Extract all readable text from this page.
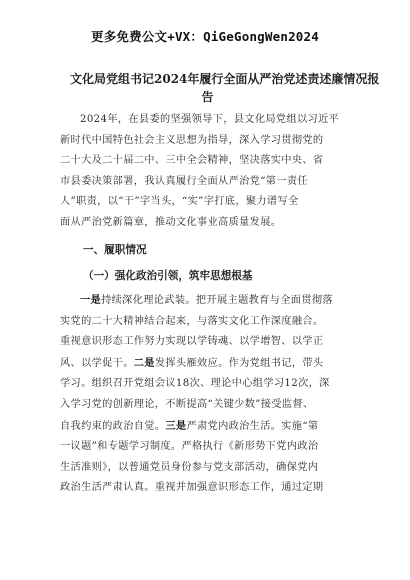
更多免费公文+VX：QiGeGongWen2024
文化局党组书记2024年履行全面从严治党述责述廉情况报
告
2024年，在县委的坚强领导下，县文化局党组以习近平
新时代中国特色社会主义思想为指导，深入学习贯彻党的
二十大及二十届二中、三中全会精神，坚决落实中央、省
市县委决策部署，我认真履行全面从严治党“第一责任
人”职责，以“干”字当头，“实”字打底，聚力谱写全
面从严治党新篇章，推动文化事业高质量发展。
一、履职情况
（一）强化政治引领，筑牢思想根基
一是持续深化理论武装。把开展主题教育与全面贯彻落
实党的二十大精神结合起来，与落实文化工作深度融合。
重视意识形态工作努力实现以学铸魂、以学增智、以学正
风、以学促干。二是发挥头雁效应。作为党组书记，带头
学习。组织召开党组会议18次、理论中心组学习12次，深
入学习党的创新理论，不断提高“关键少数”接受监督、
自我约束的政治自觉。三是严肃党内政治生活。实施“第
一议题”和专题学习制度。严格执行《新形势下党内政治
生活准则》，以普通党员身份参与党支部活动，确保党内
政治生活严肃认真。重视并加强意识形态工作，通过定期
